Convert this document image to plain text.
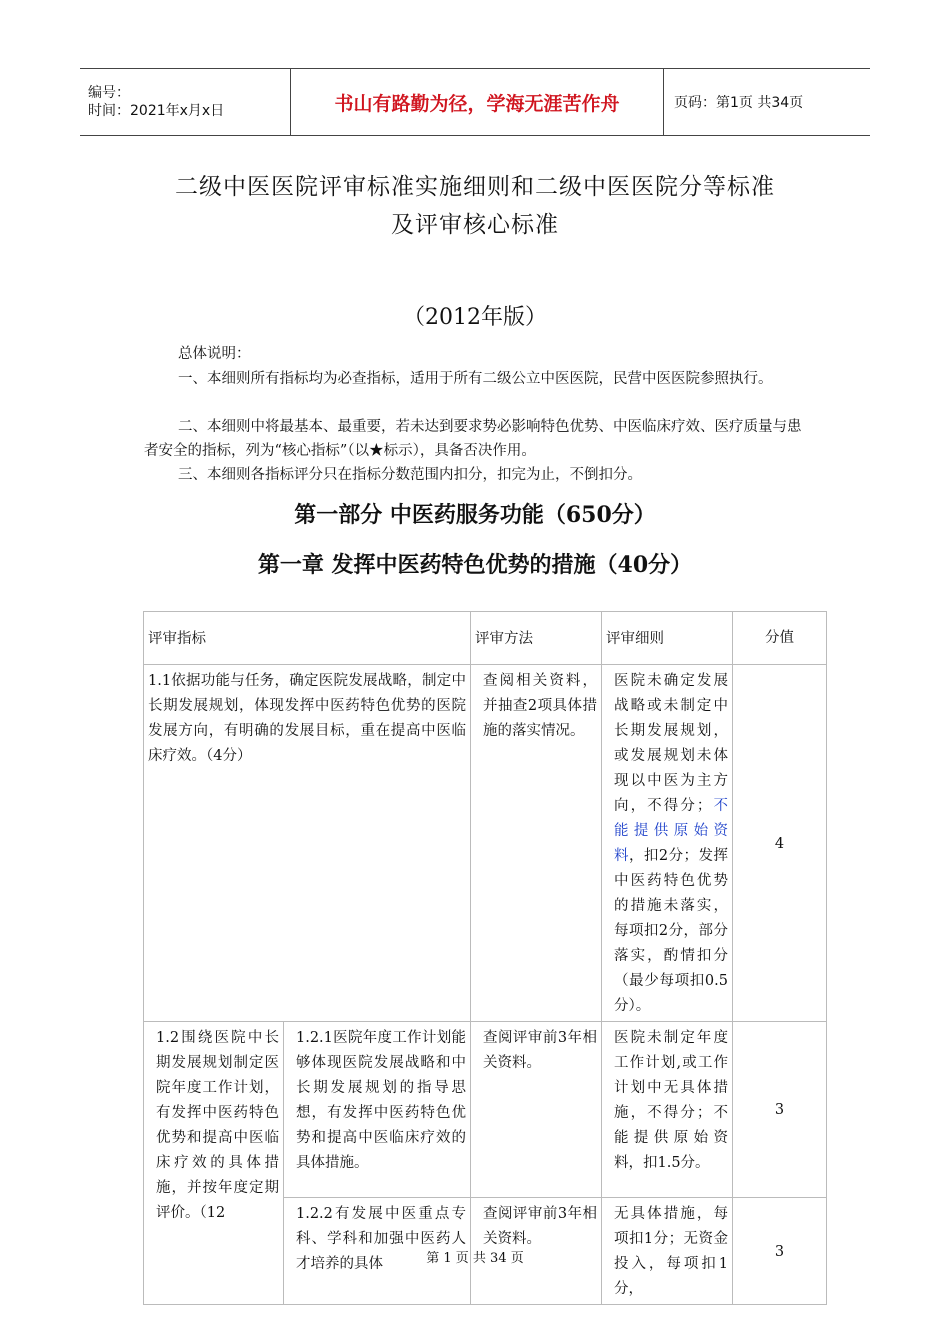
编号：
时间：2021年x月x日	书山有路勤为径，学海无涯苦作舟	页码：第1页 共34页
二级中医医院评审标准实施细则和二级中医医院分等标准
及评审核心标准
（2012年版）
总体说明：
一、本细则所有指标均为必查指标，适用于所有二级公立中医医院，民营中医医院参照执行。
二、本细则中将最基本、最重要，若未达到要求势必影响特色优势、中医临床疗效、医疗质量与患者安全的指标，列为“核心指标”（以★标示），具备否决作用。
三、本细则各指标评分只在指标分数范围内扣分，扣完为止，不倒扣分。
第一部分 中医药服务功能（650分）
第一章 发挥中医药特色优势的措施（40分）
评审指标		评审方法	评审细则	分值
1.1依据功能与任务，确定医院发展战略，制定中长期发展规划，体现发挥中医药特色优势的医院发展方向，有明确的发展目标，重在提高中医临床疗效。（4分）		查阅相关资料，并抽查2项具体措施的落实情况。	医院未确定发展战略或未制定中长期发展规划，或发展规划未体现以中医为主方向，不得分；不能提供原始资料，扣2分；发挥中医药特色优势的措施未落实，每项扣2分，部分落实，酌情扣分（最少每项扣0.5分）。	4
1.2围绕医院中长期发展规划制定医院年度工作计划，有发挥中医药特色优势和提高中医临床疗效的具体措施，并按年度定期评价。（12	1.2.1医院年度工作计划能够体现医院发展战略和中长期发展规划的指导思想，有发挥中医药特色优势和提高中医临床疗效的具体措施。	查阅评审前3年相关资料。	医院未制定年度工作计划,或工作计划中无具体措施，不得分；不能提供原始资料，扣1.5分。	3
	1.2.2有发展中医重点专科、学科和加强中医药人才培养的具体	查阅评审前3年相关资料。	无具体措施，每项扣1分；无资金投入，每项扣1分，	3
第 1 页 共 34 页
